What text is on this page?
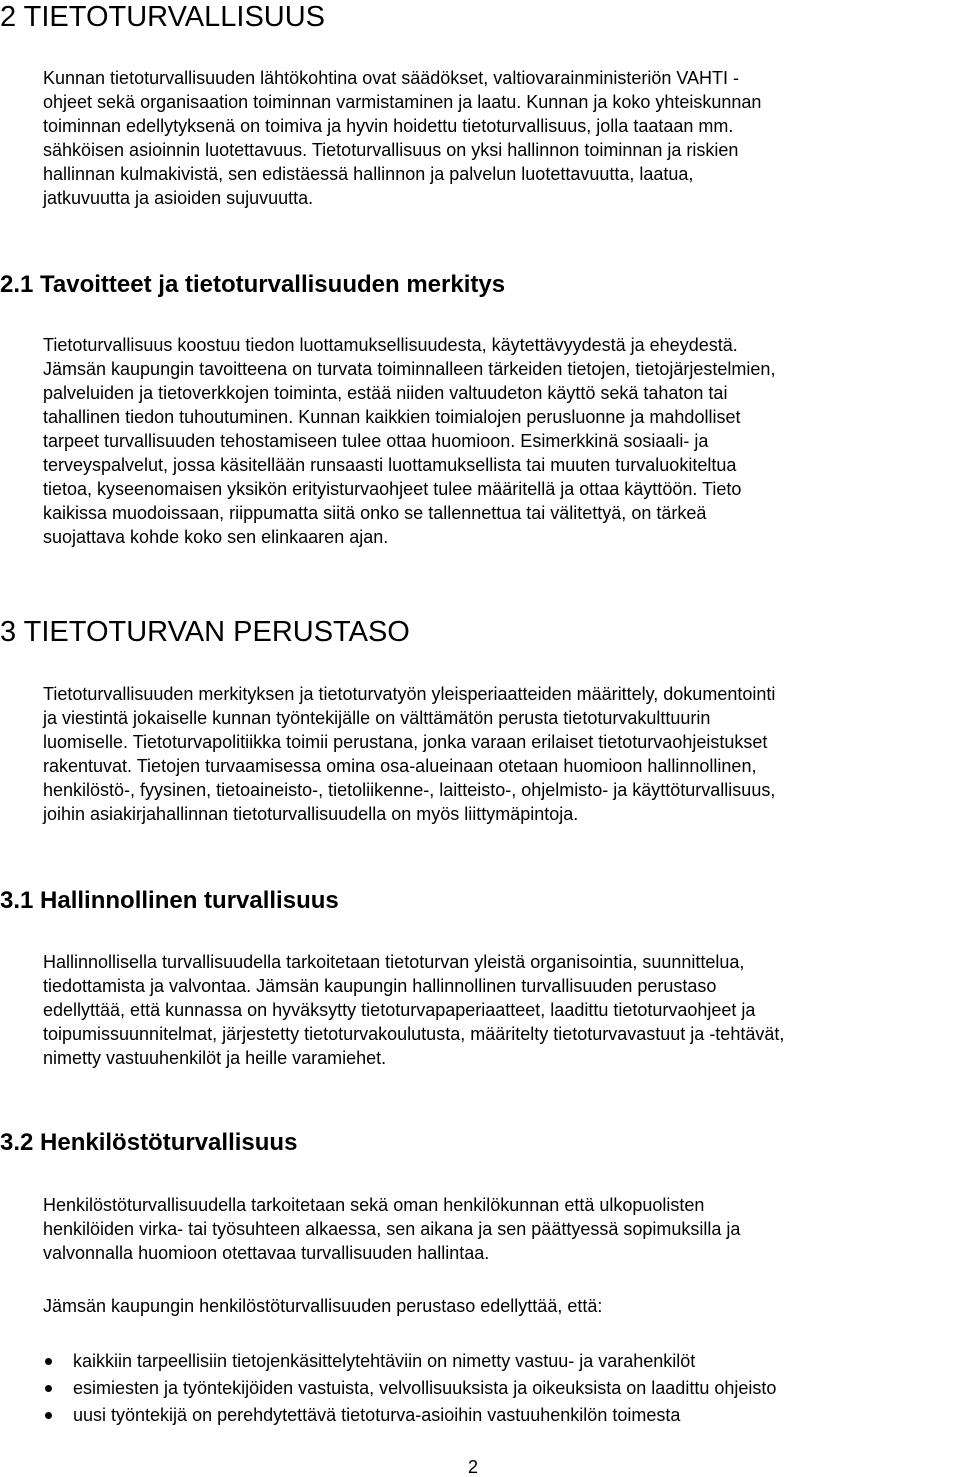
2 TIETOTURVALLISUUS
Kunnan tietoturvallisuuden lähtökohtina ovat säädökset, valtiovarainministeriön VAHTI -
ohjeet sekä organisaation toiminnan varmistaminen ja laatu. Kunnan ja koko yhteiskunnan
toiminnan edellytyksenä on toimiva ja hyvin hoidettu tietoturvallisuus, jolla taataan mm.
sähköisen asioinnin luotettavuus. Tietoturvallisuus on yksi hallinnon toiminnan ja riskien
hallinnan kulmakivistä, sen edistäessä hallinnon ja palvelun luotettavuutta, laatua,
jatkuvuutta ja asioiden sujuvuutta.
2.1 Tavoitteet ja tietoturvallisuuden merkitys
Tietoturvallisuus koostuu tiedon luottamuksellisuudesta, käytettävyydestä ja eheydestä.
Jämsän kaupungin tavoitteena on turvata toiminnalleen tärkeiden tietojen, tietojärjestelmien,
palveluiden ja tietoverkkojen toiminta, estää niiden valtuudeton käyttö sekä tahaton tai
tahallinen tiedon tuhoutuminen. Kunnan kaikkien toimialojen perusluonne ja mahdolliset
tarpeet turvallisuuden tehostamiseen tulee ottaa huomioon. Esimerkkinä sosiaali- ja
terveyspalvelut, jossa käsitellään runsaasti luottamuksellista tai muuten turvaluokiteltua
tietoa, kyseenomaisen yksikön erityisturvaohjeet tulee määritellä ja ottaa käyttöön. Tieto
kaikissa muodoissaan, riippumatta siitä onko se tallennettua tai välitettyä, on tärkeä
suojattava kohde koko sen elinkaaren ajan.
3 TIETOTURVAN PERUSTASO
Tietoturvallisuuden merkityksen ja tietoturvatyön yleisperiaatteiden määrittely, dokumentointi
ja viestintä jokaiselle kunnan työntekijälle on välttämätön perusta tietoturvakulttuurin
luomiselle. Tietoturvapolitiikka toimii perustana, jonka varaan erilaiset tietoturvaohjeistukset
rakentuvat. Tietojen turvaamisessa omina osa-alueinaan otetaan huomioon hallinnollinen,
henkilöstö-, fyysinen, tietoaineisto-, tietoliikenne-, laitteisto-, ohjelmisto- ja käyttöturvallisuus,
joihin asiakirjahallinnan tietoturvallisuudella on myös liittymäpintoja.
3.1 Hallinnollinen turvallisuus
Hallinnollisella turvallisuudella tarkoitetaan tietoturvan yleistä organisointia, suunnittelua,
tiedottamista ja valvontaa. Jämsän kaupungin hallinnollinen turvallisuuden perustaso
edellyttää, että kunnassa on hyväksytty tietoturvapaperiaatteet, laadittu tietoturvaohjeet ja
toipumissuunnitelmat, järjestetty tietoturvakoulutusta, määritelty tietoturvavastuut ja -tehtävät,
nimetty vastuuhenkilöt ja heille varamiehet.
3.2 Henkilöstöturvallisuus
Henkilöstöturvallisuudella tarkoitetaan sekä oman henkilökunnan että ulkopuolisten
henkilöiden virka- tai työsuhteen alkaessa, sen aikana ja sen päättyessä sopimuksilla ja
valvonnalla huomioon otettavaa turvallisuuden hallintaa.
Jämsän kaupungin henkilöstöturvallisuuden perustaso edellyttää, että:
kaikkiin tarpeellisiin tietojenkäsittelytehtäviin on nimetty vastuu- ja varahenkilöt
esimiesten ja työntekijöiden vastuista, velvollisuuksista ja oikeuksista on laadittu ohjeisto
uusi työntekijä on perehdytettävä tietoturva-asioihin vastuuhenkilön toimesta
2
